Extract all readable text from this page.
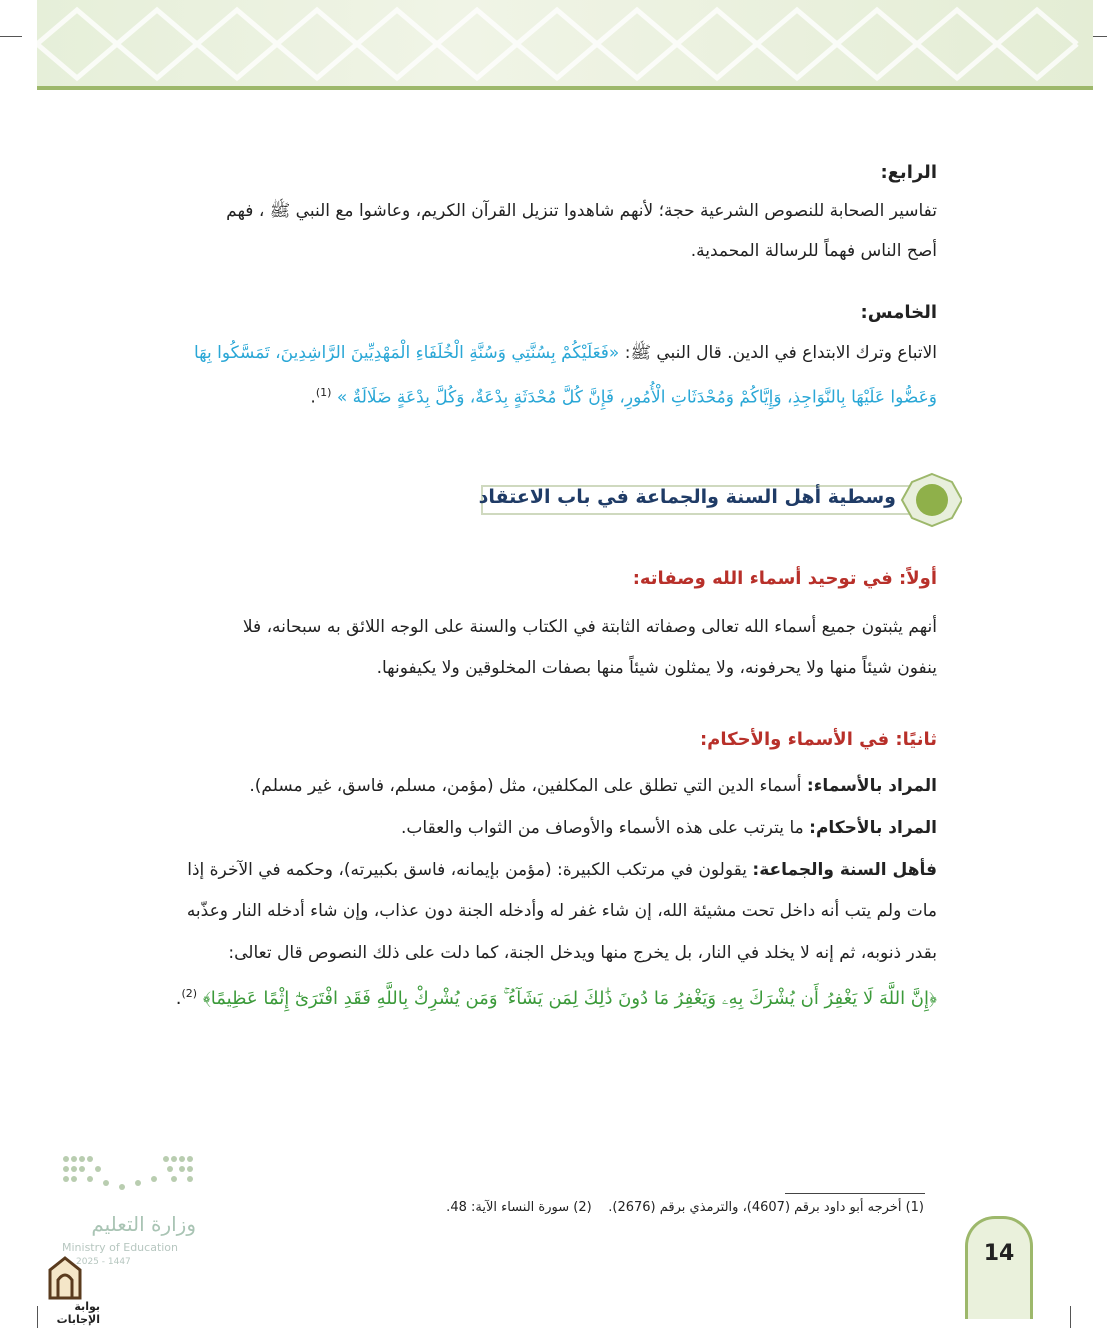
الرابع:
تفاسير الصحابة للنصوص الشرعية حجة؛ لأنهم شاهدوا تنزيل القرآن الكريم، وعاشوا مع النبي ﷺ ، فهم
أصح الناس فهماً للرسالة المحمدية.
الخامس:
الاتباع وترك الابتداع في الدين. قال النبي ﷺ: «فَعَلَيْكُمْ بِسُنَّتِي وَسُنَّةِ الْخُلَفَاءِ الْمَهْدِيِّينَ الرَّاشِدِينَ، تَمَسَّكُوا بِهَا
وَعَضُّوا عَلَيْهَا بِالنَّوَاجِذِ، وَإِيَّاكُمْ وَمُحْدَثَاتِ الْأُمُورِ، فَإِنَّ كُلَّ مُحْدَثَةٍ بِدْعَةٌ، وَكُلَّ بِدْعَةٍ ضَلَالَةٌ » $^{(1)}$.
وسطية أهل السنة والجماعة في باب الاعتقاد
أولاً: في توحيد أسماء الله وصفاته:
أنهم يثبتون جميع أسماء الله تعالى وصفاته الثابتة في الكتاب والسنة على الوجه اللائق به سبحانه، فلا
ينفون شيئاً منها ولا يحرفونه، ولا يمثلون شيئاً منها بصفات المخلوقين ولا يكيفونها.
ثانيًا: في الأسماء والأحكام:
المراد بالأسماء: أسماء الدين التي تطلق على المكلفين، مثل (مؤمن، مسلم، فاسق، غير مسلم).
المراد بالأحكام: ما يترتب على هذه الأسماء والأوصاف من الثواب والعقاب.
فأهل السنة والجماعة: يقولون في مرتكب الكبيرة: (مؤمن بإيمانه، فاسق بكبيرته)، وحكمه في الآخرة إذا
مات ولم يتب أنه داخل تحت مشيئة الله، إن شاء غفر له وأدخله الجنة دون عذاب، وإن شاء أدخله النار وعذّبه
بقدر ذنوبه، ثم إنه لا يخلد في النار، بل يخرج منها ويدخل الجنة، كما دلت على ذلك النصوص قال تعالى:
﴿إِنَّ اللَّهَ لَا يَغْفِرُ أَن يُشْرَكَ بِهِۦ وَيَغْفِرُ مَا دُونَ ذَٰلِكَ لِمَن يَشَآءُ ۚ وَمَن يُشْرِكْ بِاللَّهِ فَقَدِ افْتَرَىٰٓ إِثْمًا عَظِيمًا﴾ $^{(2)}$.
(1) أخرجه أبو داود برقم (4607)، والترمذي برقم (2676).    (2) سورة النساء الآية: 48.
وزارة التعليم
Ministry of Education
2025 - 1447
بوابة الإجابات
14
